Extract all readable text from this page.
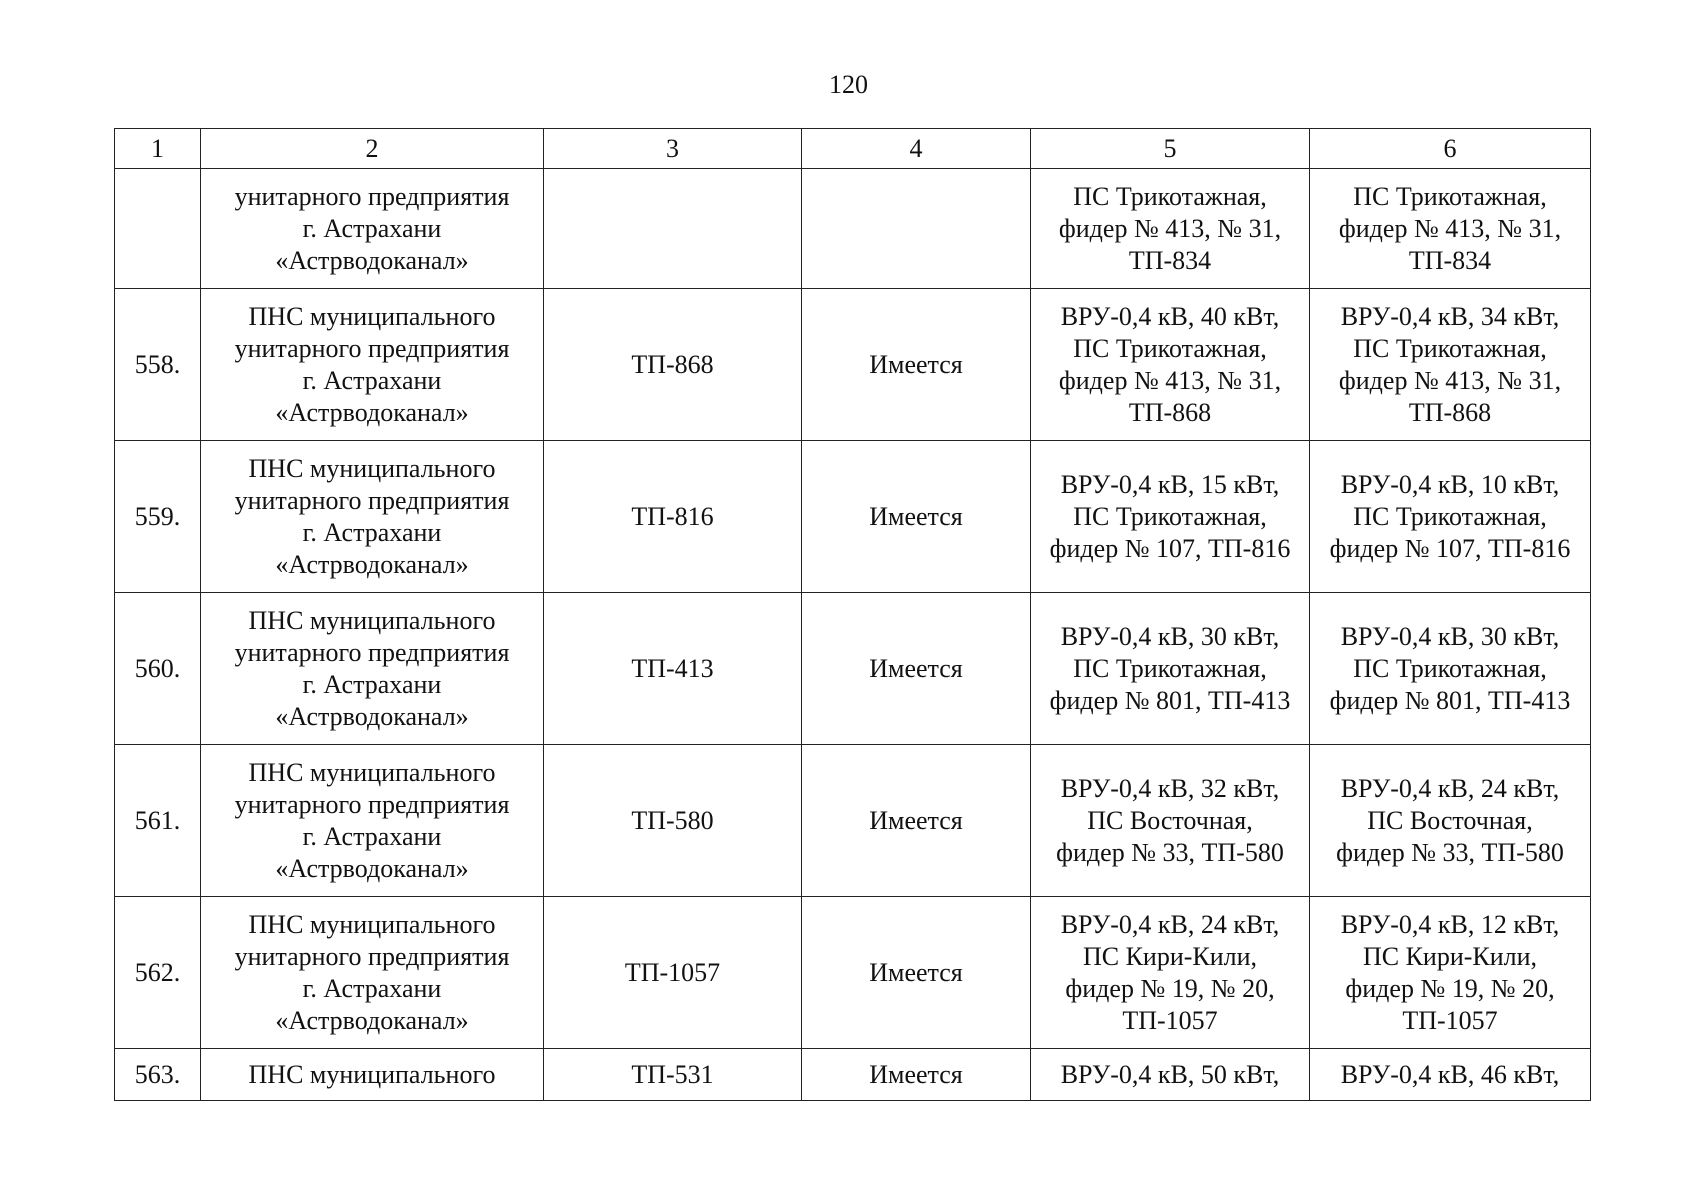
120
1	2	3	4	5	6
	унитарного предприятия
г. Астрахани
«Астрводоканал»			ПС Трикотажная,
фидер № 413, № 31,
ТП-834	ПС Трикотажная,
фидер № 413, № 31,
ТП-834
558.	ПНС муниципального
унитарного предприятия
г. Астрахани
«Астрводоканал»	ТП-868	Имеется	ВРУ-0,4 кВ, 40 кВт,
ПС Трикотажная,
фидер № 413, № 31,
ТП-868	ВРУ-0,4 кВ, 34 кВт,
ПС Трикотажная,
фидер № 413, № 31,
ТП-868
559.	ПНС муниципального
унитарного предприятия
г. Астрахани
«Астрводоканал»	ТП-816	Имеется	ВРУ-0,4 кВ, 15 кВт,
ПС Трикотажная,
фидер № 107, ТП-816	ВРУ-0,4 кВ, 10 кВт,
ПС Трикотажная,
фидер № 107, ТП-816
560.	ПНС муниципального
унитарного предприятия
г. Астрахани
«Астрводоканал»	ТП-413	Имеется	ВРУ-0,4 кВ, 30 кВт,
ПС Трикотажная,
фидер № 801, ТП-413	ВРУ-0,4 кВ, 30 кВт,
ПС Трикотажная,
фидер № 801, ТП-413
561.	ПНС муниципального
унитарного предприятия
г. Астрахани
«Астрводоканал»	ТП-580	Имеется	ВРУ-0,4 кВ, 32 кВт,
ПС Восточная,
фидер № 33, ТП-580	ВРУ-0,4 кВ, 24 кВт,
ПС Восточная,
фидер № 33, ТП-580
562.	ПНС муниципального
унитарного предприятия
г. Астрахани
«Астрводоканал»	ТП-1057	Имеется	ВРУ-0,4 кВ, 24 кВт,
ПС Кири-Кили,
фидер № 19, № 20,
ТП-1057	ВРУ-0,4 кВ, 12 кВт,
ПС Кири-Кили,
фидер № 19, № 20,
ТП-1057
563.	ПНС муниципального	ТП-531	Имеется	ВРУ-0,4 кВ, 50 кВт,	ВРУ-0,4 кВ, 46 кВт,
